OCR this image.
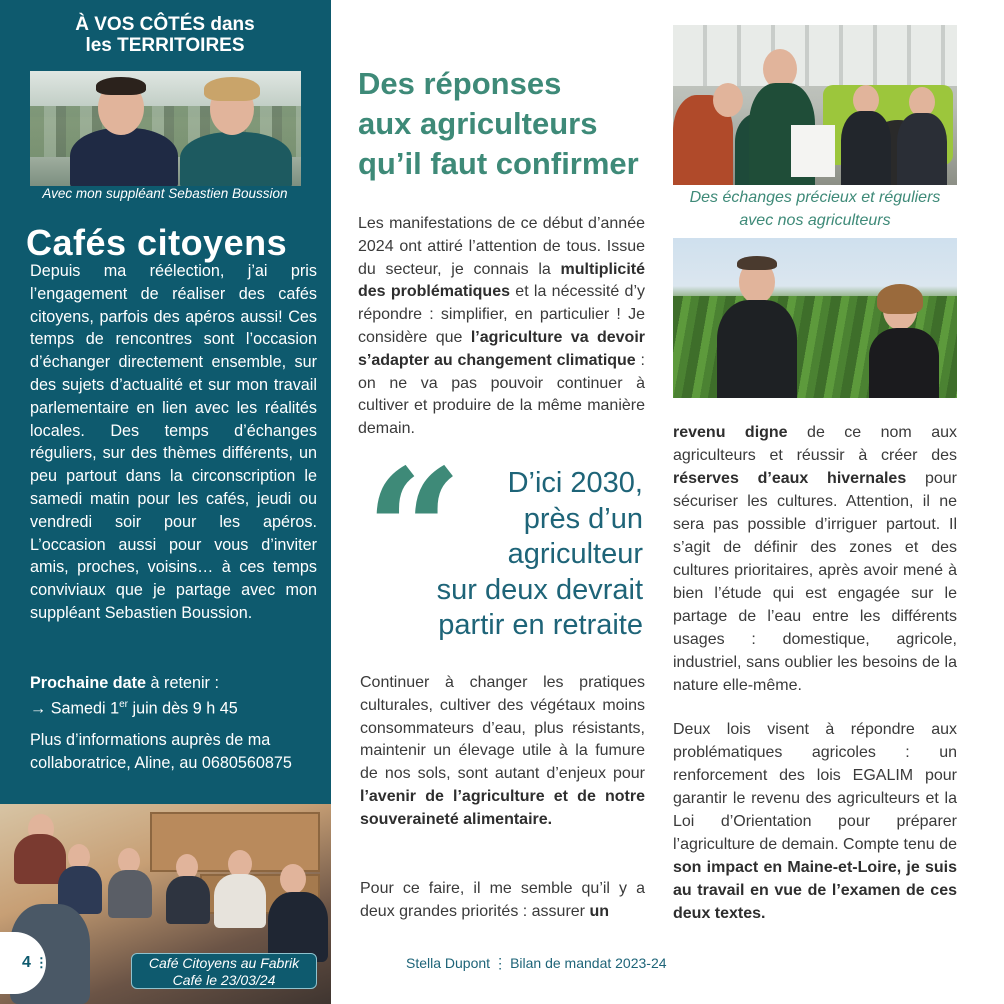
À VOS CÔTÉS dans
les TERRITOIRES
Avec mon suppléant Sebastien Boussion
Cafés citoyens
Depuis ma réélection, j’ai pris l’engagement de réaliser des cafés citoyens, parfois des apéros aussi! Ces temps de rencontres sont l’occasion d’échanger directement ensemble, sur des sujets d’actualité et sur mon travail parlementaire en lien avec les réalités locales. Des temps d’échanges réguliers, sur des thèmes différents, un peu partout dans la circonscription le samedi matin pour les cafés, jeudi ou vendredi soir pour les apéros. L’occasion aussi pour vous d’inviter amis, proches, voisins… à ces temps conviviaux que je partage avec mon suppléant Sebastien Boussion.
Prochaine date à retenir :
→ Samedi 1er juin dès 9 h 45
Plus d’informations auprès de ma collaboratrice, Aline, au 0680560875
4 ⋮	Café Citoyens au Fabrik
Café le 23/03/24
Des réponses
aux agriculteurs
qu’il faut confirmer
Les manifestations de ce début d’année 2024 ont attiré l’attention de tous. Issue du secteur, je connais la multiplicité des problématiques et la nécessité d’y répondre : simplifier, en particulier ! Je considère que l’agriculture va devoir s’adapter au changement climatique : on ne va pas pouvoir continuer à cultiver et produire de la même manière demain.
“	D’ici 2030,
près d’un
agriculteur
sur deux devrait
partir en retraite
Continuer à changer les pratiques culturales, cultiver des végétaux moins consommateurs d’eau, plus résistants, maintenir un élevage utile à la fumure de nos sols, sont autant d’enjeux pour l’avenir de l’agriculture et de notre souveraineté alimentaire.
Pour ce faire, il me semble qu’il y a deux grandes priorités : assurer un
Stella Dupont ⋮ Bilan de mandat 2023-24
Des échanges précieux et réguliers
avec nos agriculteurs
revenu digne de ce nom aux agriculteurs et réussir à créer des réserves d’eaux hivernales pour sécuriser les cultures. Attention, il ne sera pas possible d’irriguer partout. Il s’agit de définir des zones et des cultures prioritaires, après avoir mené à bien l’étude qui est engagée sur le partage de l’eau entre les différents usages : domestique, agricole, industriel, sans oublier les besoins de la nature elle-même.
Deux lois visent à répondre aux problématiques agricoles : un renforcement des lois EGALIM pour garantir le revenu des agriculteurs et la Loi d’Orientation pour préparer l’agriculture de demain. Compte tenu de son impact en Maine-et-Loire, je suis au travail en vue de l’examen de ces deux textes.
